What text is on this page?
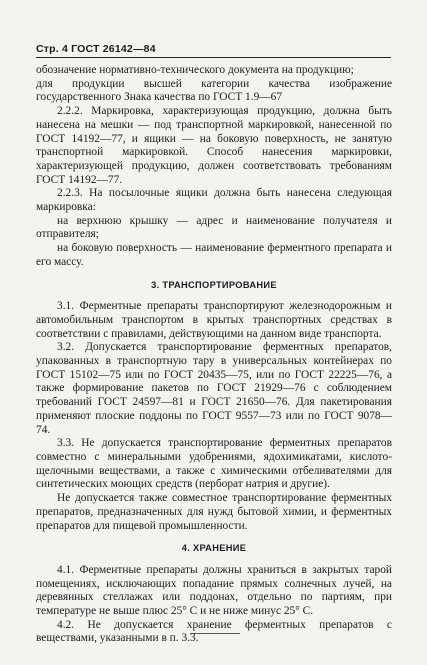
Стр. 4 ГОСТ 26142—84

обозначение нормативно-технического документа на продукцию;

для продукции высшей категории качества изображение государственного Знака качества по ГОСТ 1.9—67

2.2.2. Маркировка, характеризующая продукцию, должна быть нанесена на мешки — под транспортной маркировкой, нанесенной по ГОСТ 14192—77, и ящики — на боковую поверхность, не занятую транспортной маркировкой. Способ нанесения маркировки, характеризующей продукцию, должен соответствовать требованиям ГОСТ 14192—77.

2.2.3. На посылочные ящики должна быть нанесена следующая маркировка:

на верхнюю крышку — адрес и наименование получателя и отправителя;

на боковую поверхность — наименование ферментного препарата и его массу.

3. ТРАНСПОРТИРОВАНИЕ

3.1. Ферментные препараты транспортируют железнодорожным и автомобильным транспортом в крытых транспортных средствах в соответствии с правилами, действующими на данном виде транспорта.

3.2. Допускается транспортирование ферментных препаратов, упакованных в транспортную тару в универсальных контейнерах по ГОСТ 15102—75 или по ГОСТ 20435—75, или по ГОСТ 22225—76, а также формирование пакетов по ГОСТ 21929—76 с соблюдением требований ГОСТ 24597—81 и ГОСТ 21650—76. Для пакетирования применяют плоские поддоны по ГОСТ 9557—73 или по ГОСТ 9078—74.

3.3. Не допускается транспортирование ферментных препаратов совместно с минеральными удобрениями, ядохимикатами, кислото-щелочными веществами, а также с химическими отбеливателями для синтетических моющих средств (перборат натрия и другие).

Не допускается также совместное транспортирование ферментных препаратов, предназначенных для нужд бытовой химии, и ферментных препаратов для пищевой промышленности.

4. ХРАНЕНИЕ

4.1. Ферментные препараты должны храниться в закрытых тарой помещениях, исключающих попадание прямых солнечных лучей, на деревянных стеллажах или поддонах, отдельно по партиям, при температуре не выше плюс 25° С и не ниже минус 25° С.

4.2. Не допускается хранение ферментных препаратов с веществами, указанными в п. 3.3.
